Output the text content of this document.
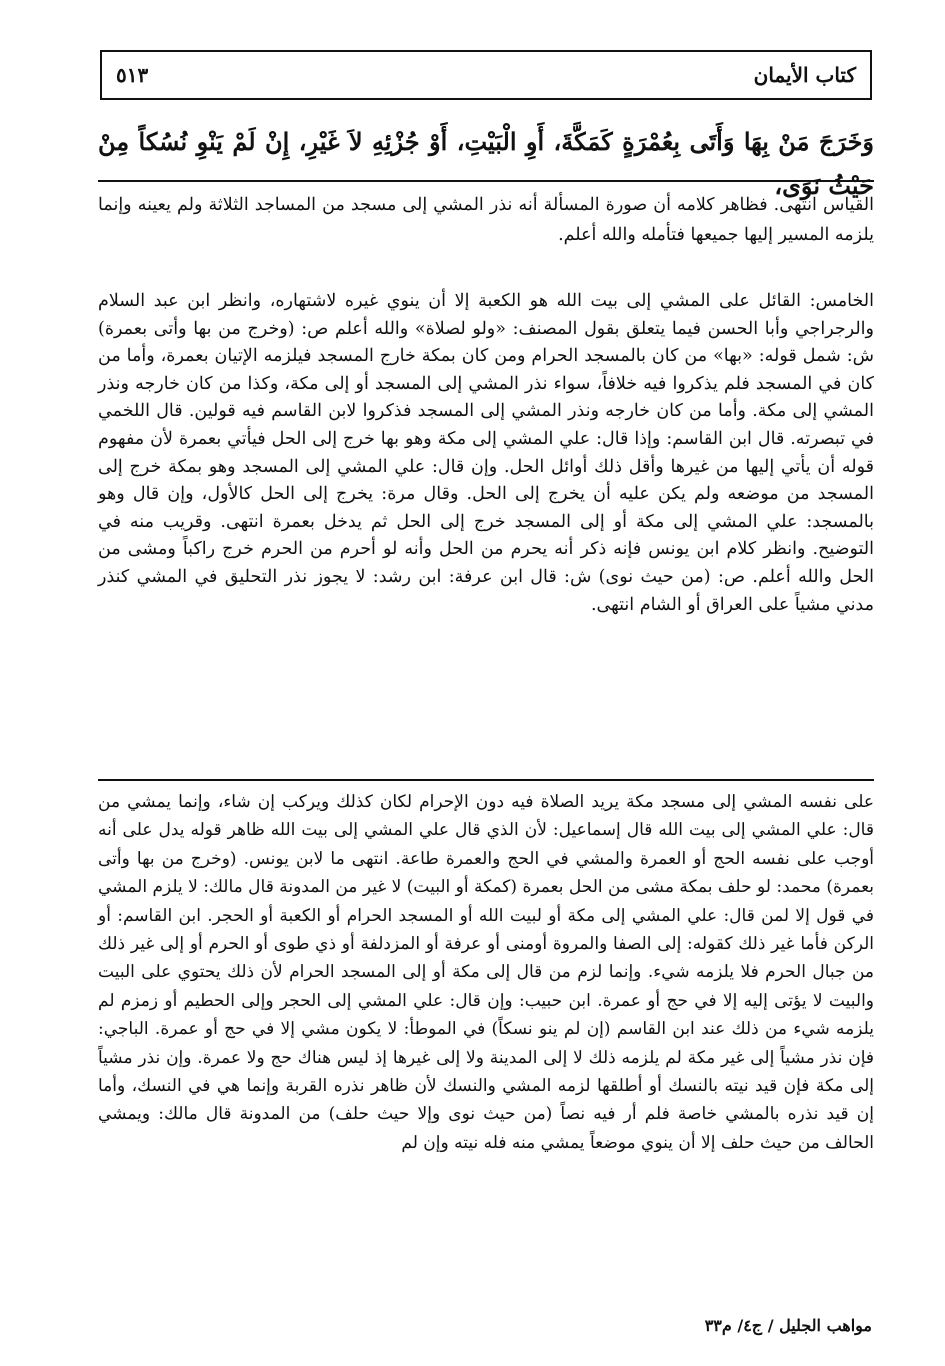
كتاب الأيمان
٥١٣
وَخَرَجَ مَنْ بِهَا وَأَتَى بِعُمْرَةٍ كَمَكَّةَ، أَوِ الْبَيْتِ، أَوْ جُزْئِهِ لاَ غَيْرِ، إِنْ لَمْ يَنْوِ نُسُكاً مِنْ حَيْثُ نَوَى،

القياس انتهى. فظاهر كلامه أن صورة المسألة أنه نذر المشي إلى مسجد من المساجد الثلاثة ولم يعينه وإنما يلزمه المسير إليها جميعها فتأمله والله أعلم.

الخامس: القائل على المشي إلى بيت الله هو الكعبة إلا أن ينوي غيره لاشتهاره، وانظر ابن عبد السلام والرجراجي وأبا الحسن فيما يتعلق بقول المصنف: «ولو لصلاة» والله أعلم ص: (وخرج من بها وأتى بعمرة) ش: شمل قوله: «بها» من كان بالمسجد الحرام ومن كان بمكة خارج المسجد فيلزمه الإتيان بعمرة، وأما من كان في المسجد فلم يذكروا فيه خلافاً، سواء نذر المشي إلى المسجد أو إلى مكة، وكذا من كان خارجه ونذر المشي إلى مكة. وأما من كان خارجه ونذر المشي إلى المسجد فذكروا لابن القاسم فيه قولين. قال اللخمي في تبصرته. قال ابن القاسم: وإذا قال: علي المشي إلى مكة وهو بها خرج إلى الحل فيأتي بعمرة لأن مفهوم قوله أن يأتي إليها من غيرها وأقل ذلك أوائل الحل. وإن قال: علي المشي إلى المسجد وهو بمكة خرج إلى المسجد من موضعه ولم يكن عليه أن يخرج إلى الحل. وقال مرة: يخرج إلى الحل كالأول، وإن قال وهو بالمسجد: علي المشي إلى مكة أو إلى المسجد خرج إلى الحل ثم يدخل بعمرة انتهى. وقريب منه في التوضيح. وانظر كلام ابن يونس فإنه ذكر أنه يحرم من الحل وأنه لو أحرم من الحرم خرج راكباً ومشى من الحل والله أعلم. ص: (من حيث نوى) ش: قال ابن عرفة: ابن رشد: لا يجوز نذر التحليق في المشي كنذر مدني مشياً على العراق أو الشام انتهى.

على نفسه المشي إلى مسجد مكة يريد الصلاة فيه دون الإحرام لكان كذلك ويركب إن شاء، وإنما يمشي من قال: علي المشي إلى بيت الله قال إسماعيل: لأن الذي قال علي المشي إلى بيت الله ظاهر قوله يدل على أنه أوجب على نفسه الحج أو العمرة والمشي في الحج والعمرة طاعة. انتهى ما لابن يونس. (وخرج من بها وأتى بعمرة) محمد: لو حلف بمكة مشى من الحل بعمرة (كمكة أو البيت) لا غير من المدونة قال مالك: لا يلزم المشي في قول إلا لمن قال: علي المشي إلى مكة أو لبيت الله أو المسجد الحرام أو الكعبة أو الحجر. ابن القاسم: أو الركن فأما غير ذلك كقوله: إلى الصفا والمروة أومنى أو عرفة أو المزدلفة أو ذي طوى أو الحرم أو إلى غير ذلك من جبال الحرم فلا يلزمه شيء. وإنما لزم من قال إلى مكة أو إلى المسجد الحرام لأن ذلك يحتوي على البيت والبيت لا يؤتى إليه إلا في حج أو عمرة. ابن حبيب: وإن قال: علي المشي إلى الحجر وإلى الحطيم أو زمزم لم يلزمه شيء من ذلك عند ابن القاسم (إن لم ينو نسكاً) في الموطأ: لا يكون مشي إلا في حج أو عمرة. الباجي: فإن نذر مشياً إلى غير مكة لم يلزمه ذلك لا إلى المدينة ولا إلى غيرها إذ ليس هناك حج ولا عمرة. وإن نذر مشياً إلى مكة فإن قيد نيته بالنسك أو أطلقها لزمه المشي والنسك لأن ظاهر نذره القربة وإنما هي في النسك، وأما إن قيد نذره بالمشي خاصة فلم أر فيه نصاً (من حيث نوى وإلا حيث حلف) من المدونة قال مالك: ويمشي الحالف من حيث حلف إلا أن ينوي موضعاً يمشي منه فله نيته وإن لم

مواهب الجليل / ج٤/ م٣٣
